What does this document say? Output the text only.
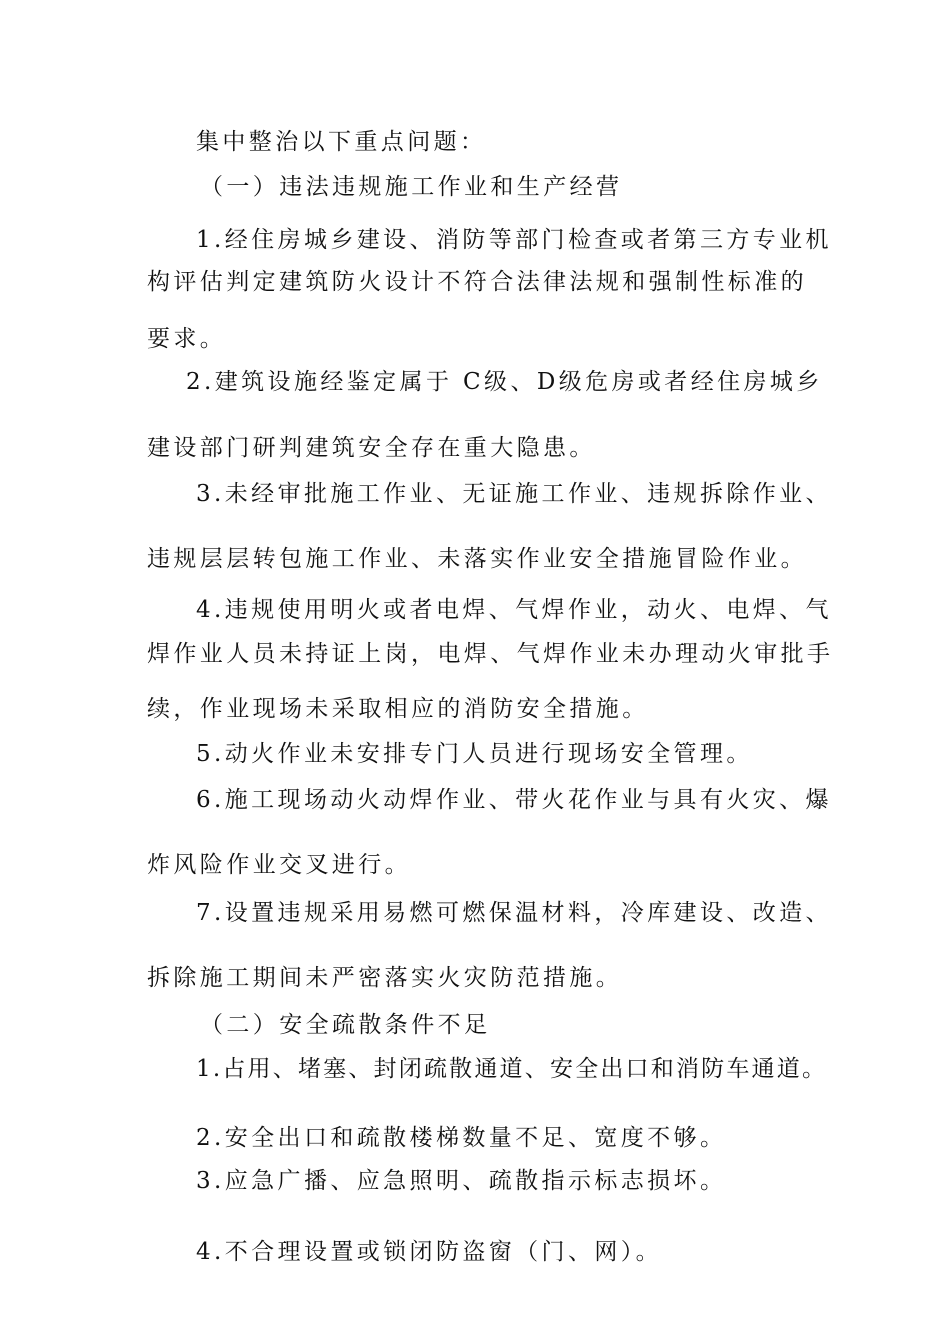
集中整治以下重点问题：
（一）违法违规施工作业和生产经营
1.经住房城乡建设、消防等部门检查或者第三方专业机
构评估判定建筑防火设计不符合法律法规和强制性标准的
要求。
2.建筑设施经鉴定属于 C级、D级危房或者经住房城乡
建设部门研判建筑安全存在重大隐患。
3.未经审批施工作业、无证施工作业、违规拆除作业、
违规层层转包施工作业、未落实作业安全措施冒险作业。
4.违规使用明火或者电焊、气焊作业，动火、电焊、气
焊作业人员未持证上岗，电焊、气焊作业未办理动火审批手
续，作业现场未采取相应的消防安全措施。
5.动火作业未安排专门人员进行现场安全管理。
6.施工现场动火动焊作业、带火花作业与具有火灾、爆
炸风险作业交叉进行。
7.设置违规采用易燃可燃保温材料，冷库建设、改造、
拆除施工期间未严密落实火灾防范措施。
（二）安全疏散条件不足
1.占用、堵塞、封闭疏散通道、安全出口和消防车通道。
2.安全出口和疏散楼梯数量不足、宽度不够。
3.应急广播、应急照明、疏散指示标志损坏。
4.不合理设置或锁闭防盗窗（门、网）。
